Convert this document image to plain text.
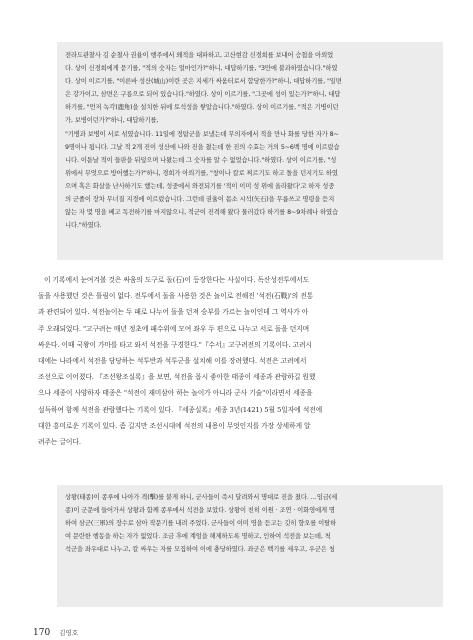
전라도관찰사 김 순철사 권율이 행주에서 왜적을 대파하고, 고산현감 신경희를 보내어 승첩을 아뢰었
다. 상이 신경희에게 묻기를, "적의 숫자는 얼마인가?"하니, 대답하기를, "3만에 불과하였습니다."하였
다. 상이 이르기를, "이른바 성산(城山)이란 곳은 지세가 싸움터로서 합당한가?"하니, 대답하기를, "일면
은 강가이고, 삼면은 구릉으로 되어 있습니다."하였다. 상이 이르기를, "그곳에 성이 있는가?"하니, 대답
하기를, "먼저 녹각(鹿角)을 설치한 뒤에 토석성을 쌓았습니다."하였다. 상이 이르기를, "적은 기병이던
가, 보병이던가?"하니, 대답하기를,
"기병과 보병이 서로 섞였습니다. 11일에 정탐군을 보냈는데 무의자에서 적을 만나 화를 당한 자가 8~
9명이나 됩니다. 그날 적 2개 진이 성산에 나와 진을 쳤는데 한 진의 수효는 거의 5~6백 명에 이르렀습
니다. 이튿날 적이 들판을 뒤덮으며 나왔는데 그 숫자를 알 수 없었습니다."하였다. 상이 이르기를, "성
위에서 무엇으로 방어했는가?"하니, 경희가 아뢰기를, "창이나 칼로 찌르기도 하고 돌을 던지기도 하였
으며 혹은 화살을 난사하기도 했는데, 성중에서 와전되기를 '적이 이미 성 위에 올라왔다'고 하자 성중
의 군졸이 장차 무너질 지경에 이르렀습니다. 그런데 권율이 몸소 시석(矢石)을 무릅쓰고 명령을 듣지
않는 자 몇 명을 베고 독전하기를 마지않으니, 적군이 진격해 왔다 물러갔다 하기를 8~9차례나 하였습
니다."하였다.
이 기록에서 눈여겨볼 것은 싸움의 도구로 돌(石)이 등장한다는 사실이다. 독산성전투에서도
돌을 사용했던 것은 틀림이 없다. 전투에서 돌을 사용한 것은 놀이로 전해진 '석전(石戰)'의 전통
과 관련되어 있다. 석전놀이는 두 패로 나누어 돌을 던져 승부를 가르는 놀이인데 그 역사가 아
주 오래되었다. "고구려는 매년 정초에 패수위에 모여 좌우 두 편으로 나누고 서로 돌을 던지며
싸운다. 이때 국왕이 가마를 타고 와서 석전을 구경한다."『수서』고구려전의 기록이다. 고려시
대에는 나라에서 석전을 담당하는 석투반과 석투군을 설치해 이를 장려했다. 석전은 고려에서
조선으로 이어졌다. 『조선왕조실록』을 보면, 석전을 몹시 좋아한 태종이 세종과 관람하길 원했
으나 세종이 사양하자 태종은 "석전이 재미삼아 하는 놀이가 아니라 군사 기술"이라면서 세종을
설득하여 함께 석전을 관람했다는 기록이 있다. 『세종실록』세종 3년(1421) 5월 5일자에 석전에
대한 흥미로운 기록이 있다. 좀 길지만 조선시대에 석전의 내용이 무엇인지를 가장 상세하게 알
려주는 글이다.
상왕(태종)이 종루에 나아가 격(擊)를 붙게 하니, 군사들이 즉시 달려와서 명대로 진을 쳤다. …임금(세
종)이 군문에 들어가서 상왕과 함께 종루에서 석전을 보았다. 상왕이 친히 이원 · 조연 · 이화영에게 명
하여 삼군(三軍)의 장수로 삼아 작문기를 내려 주었다. 군사들이 이미 영을 듣고는 깃히 향오를 이탈하
여 문란한 행동을 하는 자가 없었다. 조금 후에 계엄을 해제하도록 명하고, 인하여 석전을 보는데, 척
석군을 좌우대로 나누고, 칼 싸우는 자를 모집하여 이에 충당하였다. 좌군은 백기를 세우고, 우군은 청
170 김영호
